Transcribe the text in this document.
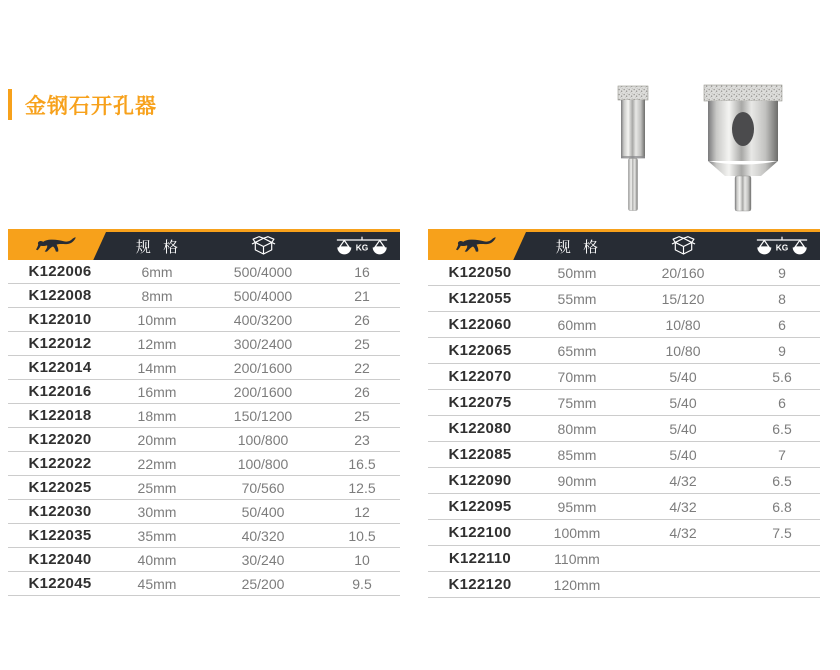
金钢石开孔器
规 格	KG
K122006	6mm	500/4000	16
K122008	8mm	500/4000	21
K122010	10mm	400/3200	26
K122012	12mm	300/2400	25
K122014	14mm	200/1600	22
K122016	16mm	200/1600	26
K122018	18mm	150/1200	25
K122020	20mm	100/800	23
K122022	22mm	100/800	16.5
K122025	25mm	70/560	12.5
K122030	30mm	50/400	12
K122035	35mm	40/320	10.5
K122040	40mm	30/240	10
K122045	45mm	25/200	9.5
规 格	KG
K122050	50mm	20/160	9
K122055	55mm	15/120	8
K122060	60mm	10/80	6
K122065	65mm	10/80	9
K122070	70mm	5/40	5.6
K122075	75mm	5/40	6
K122080	80mm	5/40	6.5
K122085	85mm	5/40	7
K122090	90mm	4/32	6.5
K122095	95mm	4/32	6.8
K122100	100mm	4/32	7.5
K122110	110mm
K122120	120mm
